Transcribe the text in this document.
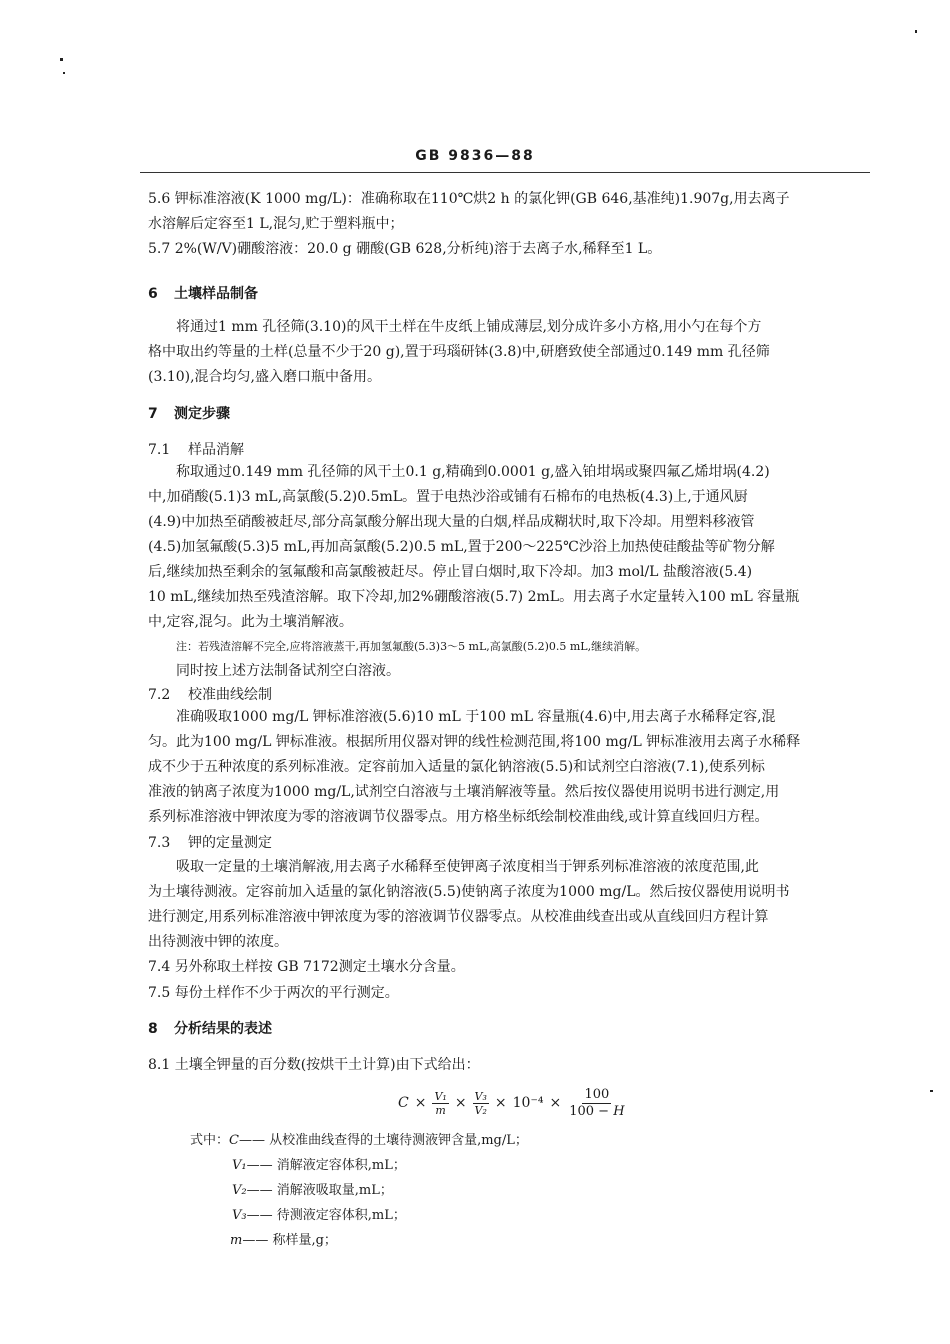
GB 9836—88
5.6 钾标准溶液(K 1000 mg/L)：准确称取在110℃烘2 h 的氯化钾(GB 646,基准纯)1.907g,用去离子
水溶解后定容至1 L,混匀,贮于塑料瓶中；
5.7 2%(W/V)硼酸溶液：20.0 g 硼酸(GB 628,分析纯)溶于去离子水,稀释至1 L。
6 土壤样品制备
将通过1 mm 孔径筛(3.10)的风干土样在牛皮纸上铺成薄层,划分成许多小方格,用小勺在每个方
格中取出约等量的土样(总量不少于20 g),置于玛瑙研钵(3.8)中,研磨致使全部通过0.149 mm 孔径筛
(3.10),混合均匀,盛入磨口瓶中备用。
7 测定步骤
7.1 样品消解
称取通过0.149 mm 孔径筛的风干土0.1 g,精确到0.0001 g,盛入铂坩埚或聚四氟乙烯坩埚(4.2)
中,加硝酸(5.1)3 mL,高氯酸(5.2)0.5mL。置于电热沙浴或铺有石棉布的电热板(4.3)上,于通风厨
(4.9)中加热至硝酸被赶尽,部分高氯酸分解出现大量的白烟,样品成糊状时,取下冷却。用塑料移液管
(4.5)加氢氟酸(5.3)5 mL,再加高氯酸(5.2)0.5 mL,置于200～225℃沙浴上加热使硅酸盐等矿物分解
后,继续加热至剩余的氢氟酸和高氯酸被赶尽。停止冒白烟时,取下冷却。加3 mol/L 盐酸溶液(5.4)
10 mL,继续加热至残渣溶解。取下冷却,加2%硼酸溶液(5.7) 2mL。用去离子水定量转入100 mL 容量瓶
中,定容,混匀。此为土壤消解液。
注：若残渣溶解不完全,应将溶液蒸干,再加氢氟酸(5.3)3～5 mL,高氯酸(5.2)0.5 mL,继续消解。
同时按上述方法制备试剂空白溶液。
7.2 校准曲线绘制
准确吸取1000 mg/L 钾标准溶液(5.6)10 mL 于100 mL 容量瓶(4.6)中,用去离子水稀释定容,混
匀。此为100 mg/L 钾标准液。根据所用仪器对钾的线性检测范围,将100 mg/L 钾标准液用去离子水稀释
成不少于五种浓度的系列标准液。定容前加入适量的氯化钠溶液(5.5)和试剂空白溶液(7.1),使系列标
准液的钠离子浓度为1000 mg/L,试剂空白溶液与土壤消解液等量。然后按仪器使用说明书进行测定,用
系列标准溶液中钾浓度为零的溶液调节仪器零点。用方格坐标纸绘制校准曲线,或计算直线回归方程。
7.3 钾的定量测定
吸取一定量的土壤消解液,用去离子水稀释至使钾离子浓度相当于钾系列标准溶液的浓度范围,此
为土壤待测液。定容前加入适量的氯化钠溶液(5.5)使钠离子浓度为1000 mg/L。然后按仪器使用说明书
进行测定,用系列标准溶液中钾浓度为零的溶液调节仪器零点。从校准曲线查出或从直线回归方程计算
出待测液中钾的浓度。
7.4 另外称取土样按 GB 7172测定土壤水分含量。
7.5 每份土样作不少于两次的平行测定。
8 分析结果的表述
8.1 土壤全钾量的百分数(按烘干土计算)由下式给出：
$C \times \frac{\text{V₁}}{m} \times \frac{\text{V₃}}{\text{V₂}} \times 10^{-4} \times \frac{100}{100 - H}$
式中：C—— 从校准曲线查得的土壤待测液钾含量,mg/L；
V₁—— 消解液定容体积,mL；
V₂—— 消解液吸取量,mL；
V₃—— 待测液定容体积,mL；
m—— 称样量,g；
